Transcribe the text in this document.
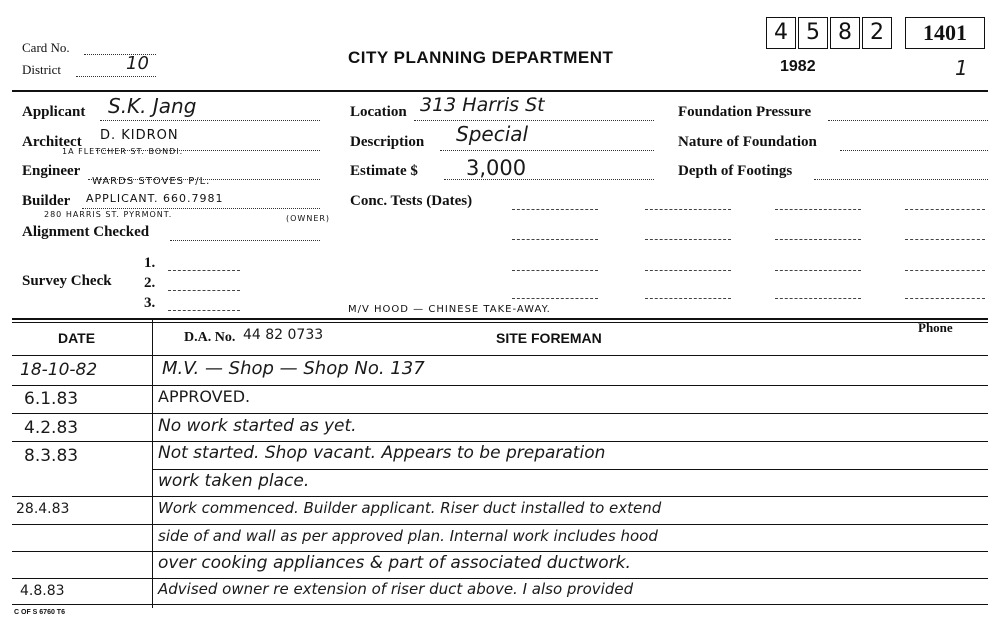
Card No.
District	10	CITY PLANNING DEPARTMENT	1982	1
4 5 8 2	1401
Applicant S.K. Jang
Architect D. KIDRON
1A FLETCHER ST. BONDI.
Engineer
WARDS STOVES P/L.
Builder APPLICANT. 660.7981
280 HARRIS ST. PYRMONT.	(OWNER)
Alignment Checked
Survey Check
1.
2.
3.
Location 313 Harris St
Description Special
Estimate $ 3,000
Conc. Tests (Dates)
Foundation Pressure
Nature of Foundation
Depth of Footings
M/V HOOD — CHINESE TAKE-AWAY.
DATE	D.A. No. 44 82 0733	SITE FOREMAN
Phone
18-10-82	M.V. — Shop — Shop No. 137
6.1.83	APPROVED.
4.2.83	No work started as yet.
8.3.83	Not started. Shop vacant. Appears to be preparation
work taken place.
28.4.83	Work commenced. Builder applicant. Riser duct installed to extend
side of and wall as per approved plan. Internal work includes hood
over cooking appliances & part of associated ductwork.
4.8.83	Advised owner re extension of riser duct above. I also provided
C OF S 6760 T6
